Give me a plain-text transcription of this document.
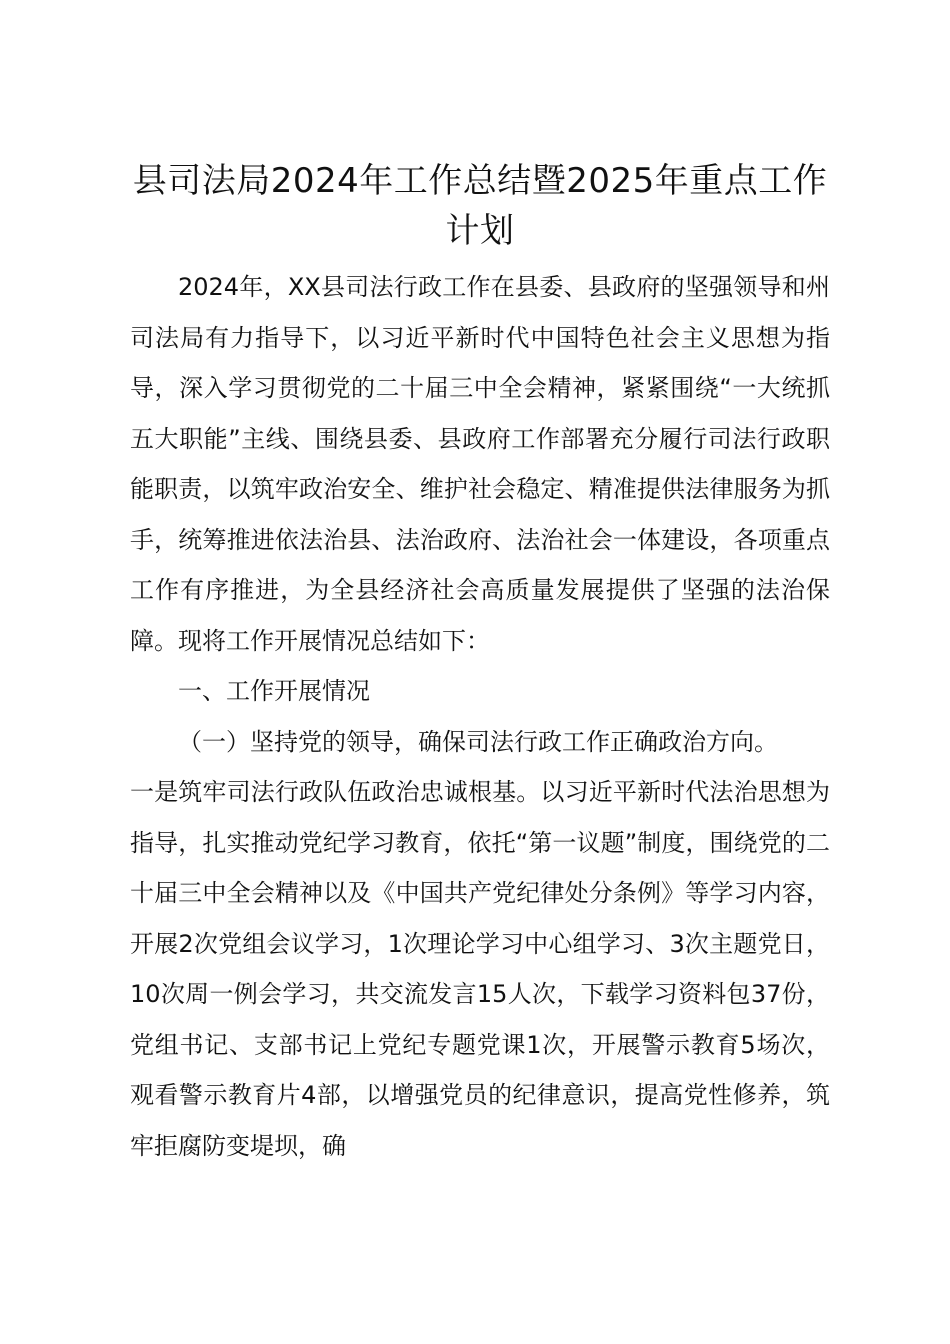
县司法局2024年工作总结暨2025年重点工作计划

2024年，XX县司法行政工作在县委、县政府的坚强领导和州司法局有力指导下，以习近平新时代中国特色社会主义思想为指导，深入学习贯彻党的二十届三中全会精神，紧紧围绕“一大统抓五大职能”主线、围绕县委、县政府工作部署充分履行司法行政职能职责，以筑牢政治安全、维护社会稳定、精准提供法律服务为抓手，统筹推进依法治县、法治政府、法治社会一体建设，各项重点工作有序推进，为全县经济社会高质量发展提供了坚强的法治保障。现将工作开展情况总结如下：

一、工作开展情况

（一）坚持党的领导，确保司法行政工作正确政治方向。

一是筑牢司法行政队伍政治忠诚根基。以习近平新时代法治思想为指导，扎实推动党纪学习教育，依托“第一议题”制度，围绕党的二十届三中全会精神以及《中国共产党纪律处分条例》等学习内容，开展2次党组会议学习，1次理论学习中心组学习、3次主题党日，10次周一例会学习，共交流发言15人次，下载学习资料包37份，党组书记、支部书记上党纪专题党课1次，开展警示教育5场次，观看警示教育片4部，以增强党员的纪律意识，提高党性修养，筑牢拒腐防变堤坝，确
